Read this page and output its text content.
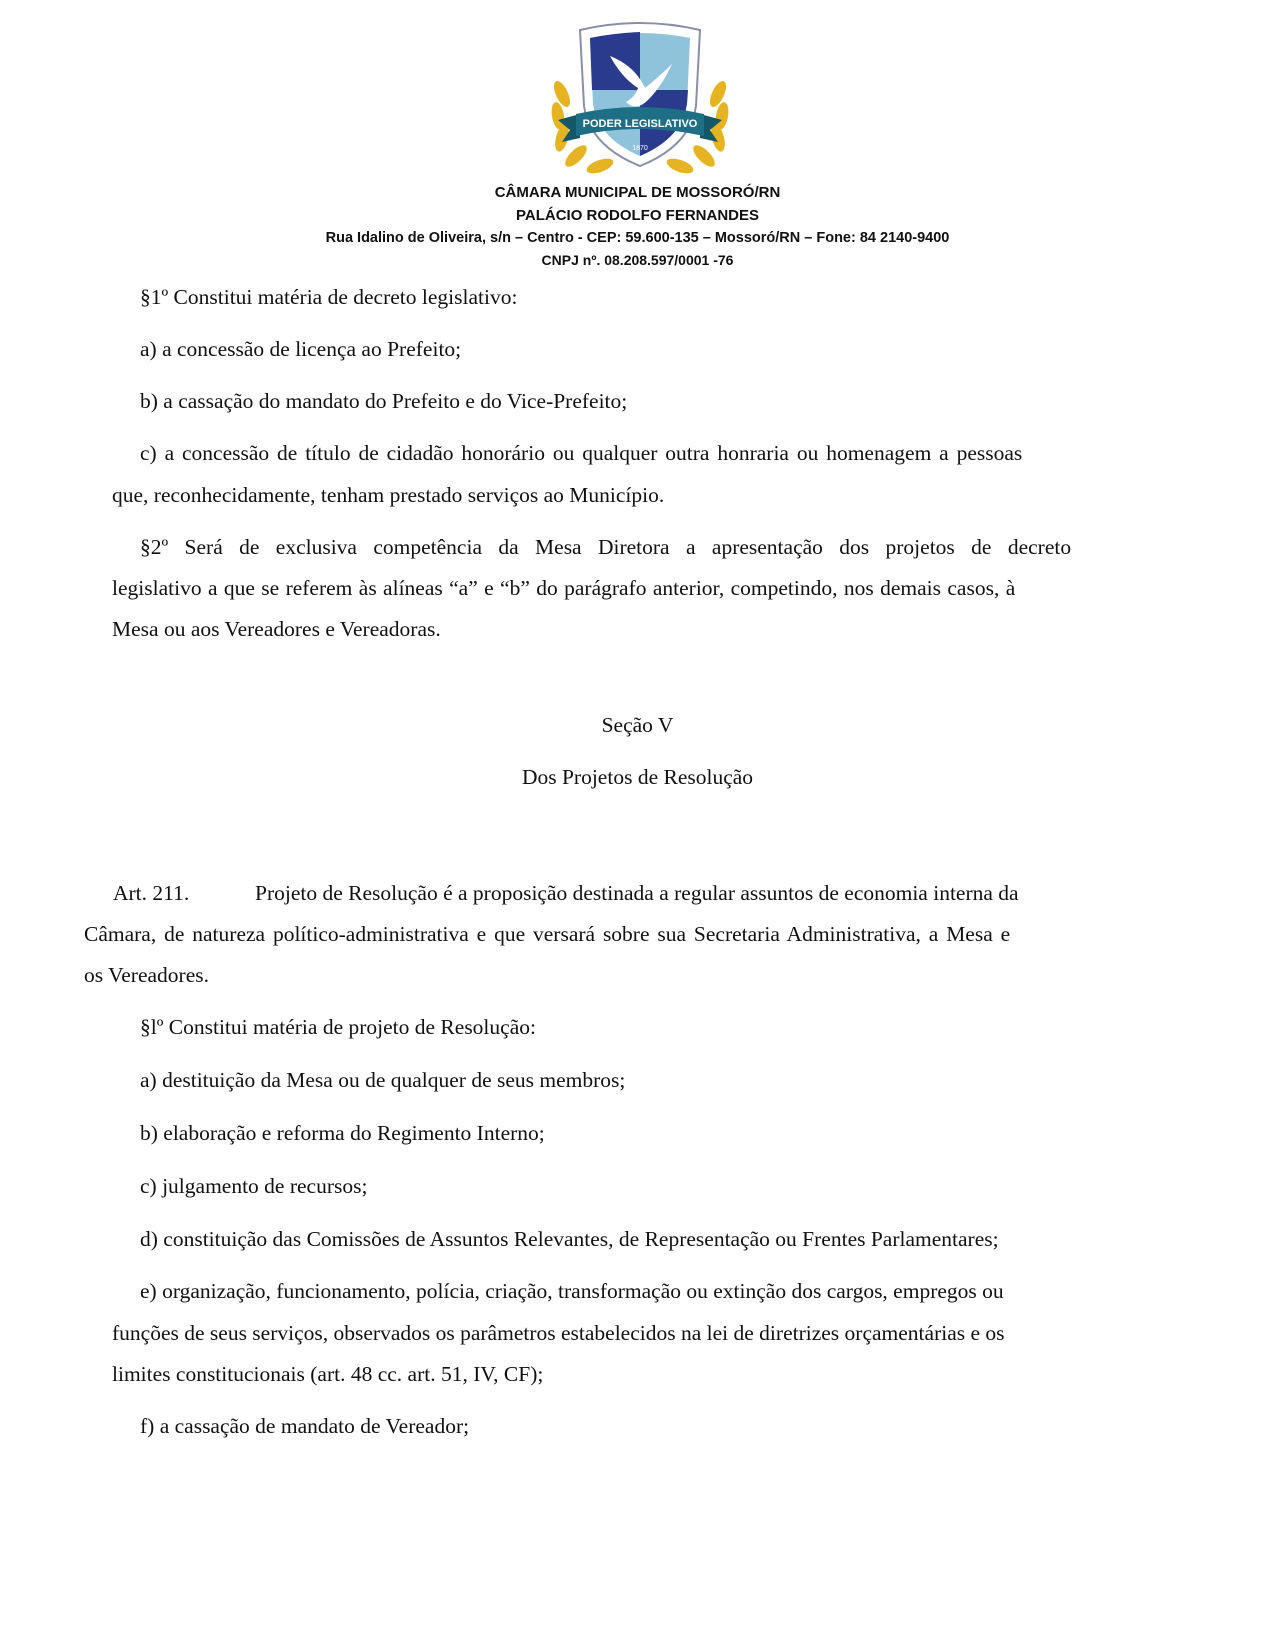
PODER LEGISLATIVO
1870
CÂMARA MUNICIPAL DE MOSSORÓ/RN
PALÁCIO RODOLFO FERNANDES
Rua Idalino de Oliveira, s/n – Centro - CEP: 59.600-135 – Mossoró/RN – Fone: 84 2140-9400
CNPJ nº. 08.208.597/0001 -76
§1º Constitui matéria de decreto legislativo:
a) a concessão de licença ao Prefeito;
b) a cassação do mandato do Prefeito e do Vice-Prefeito;
c) a concessão de título de cidadão honorário ou qualquer outra honraria ou homenagem a pessoas
que, reconhecidamente, tenham prestado serviços ao Município.
§2º Será de exclusiva competência da Mesa Diretora a apresentação dos projetos de decreto
legislativo a que se referem às alíneas “a” e “b” do parágrafo anterior, competindo, nos demais casos, à
Mesa ou aos Vereadores e Vereadoras.
Seção V
Dos Projetos de Resolução
Art. 211.	Projeto de Resolução é a proposição destinada a regular assuntos de economia interna da
Câmara, de natureza político-administrativa e que versará sobre sua Secretaria Administrativa, a Mesa e
os Vereadores.
§lº Constitui matéria de projeto de Resolução:
a) destituição da Mesa ou de qualquer de seus membros;
b) elaboração e reforma do Regimento Interno;
c) julgamento de recursos;
d) constituição das Comissões de Assuntos Relevantes, de Representação ou Frentes Parlamentares;
e) organização, funcionamento, polícia, criação, transformação ou extinção dos cargos, empregos ou
funções de seus serviços, observados os parâmetros estabelecidos na lei de diretrizes orçamentárias e os
limites constitucionais (art. 48 cc. art. 51, IV, CF);
f) a cassação de mandato de Vereador;
